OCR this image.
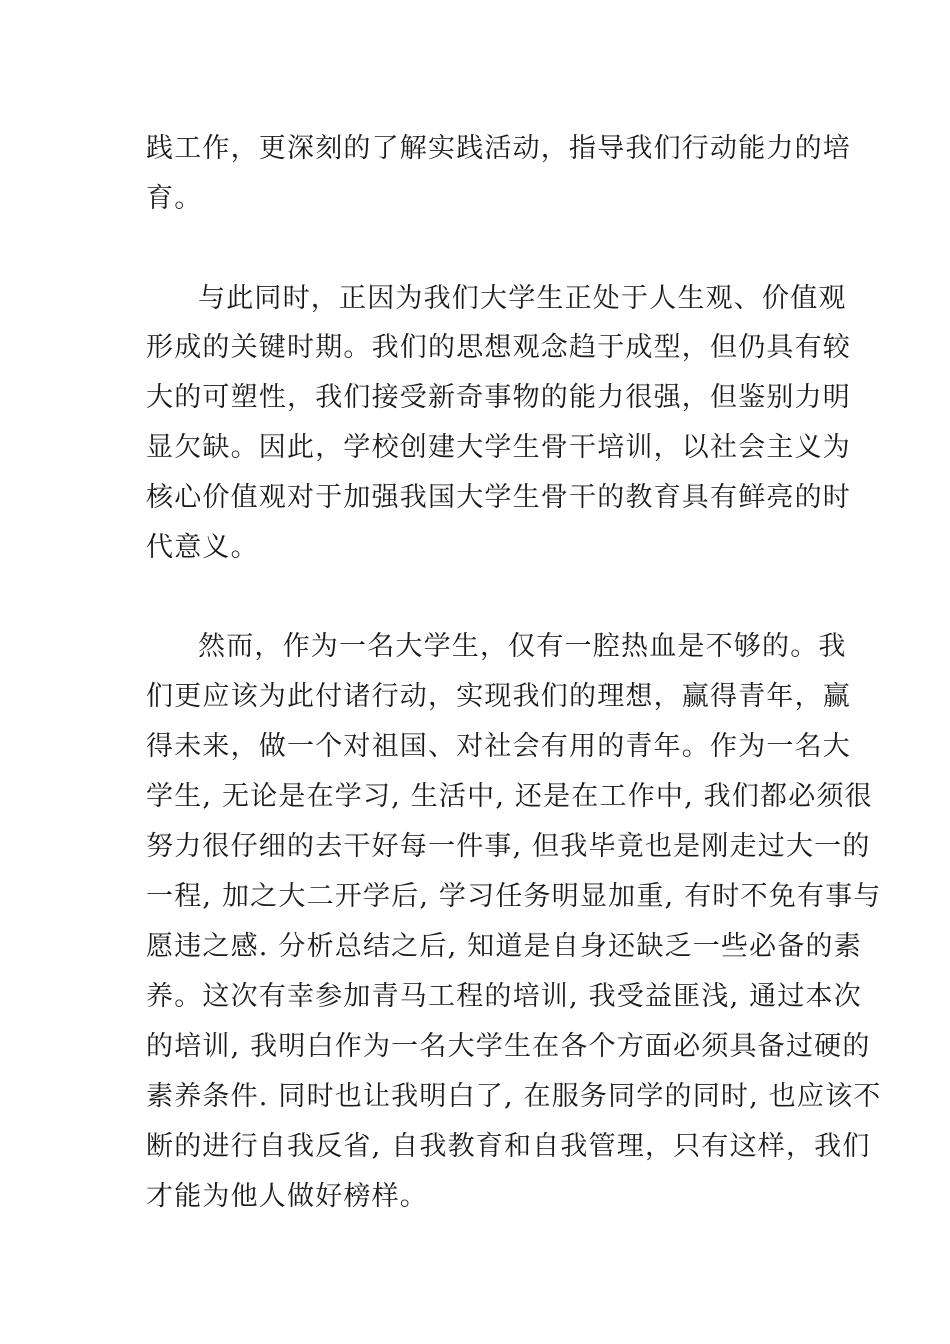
践工作，更深刻的了解实践活动，指导我们行动能力的培
育。
与此同时，正因为我们大学生正处于人生观、价值观
形成的关键时期。我们的思想观念趋于成型，但仍具有较
大的可塑性，我们接受新奇事物的能力很强，但鉴别力明
显欠缺。因此，学校创建大学生骨干培训，以社会主义为
核心价值观对于加强我国大学生骨干的教育具有鲜亮的时
代意义。
然而，作为一名大学生，仅有一腔热血是不够的。我
们更应该为此付诸行动，实现我们的理想，赢得青年，赢
得未来，做一个对祖国、对社会有用的青年。作为一名大
学生, 无论是在学习, 生活中, 还是在工作中, 我们都必须很
努力很仔细的去干好每一件事, 但我毕竟也是刚走过大一的
一程, 加之大二开学后, 学习任务明显加重, 有时不免有事与
愿违之感. 分析总结之后, 知道是自身还缺乏一些必备的素
养。这次有幸参加青马工程的培训, 我受益匪浅, 通过本次
的培训, 我明白作为一名大学生在各个方面必须具备过硬的
素养条件. 同时也让我明白了, 在服务同学的同时, 也应该不
断的进行自我反省, 自我教育和自我管理，只有这样，我们
才能为他人做好榜样。
